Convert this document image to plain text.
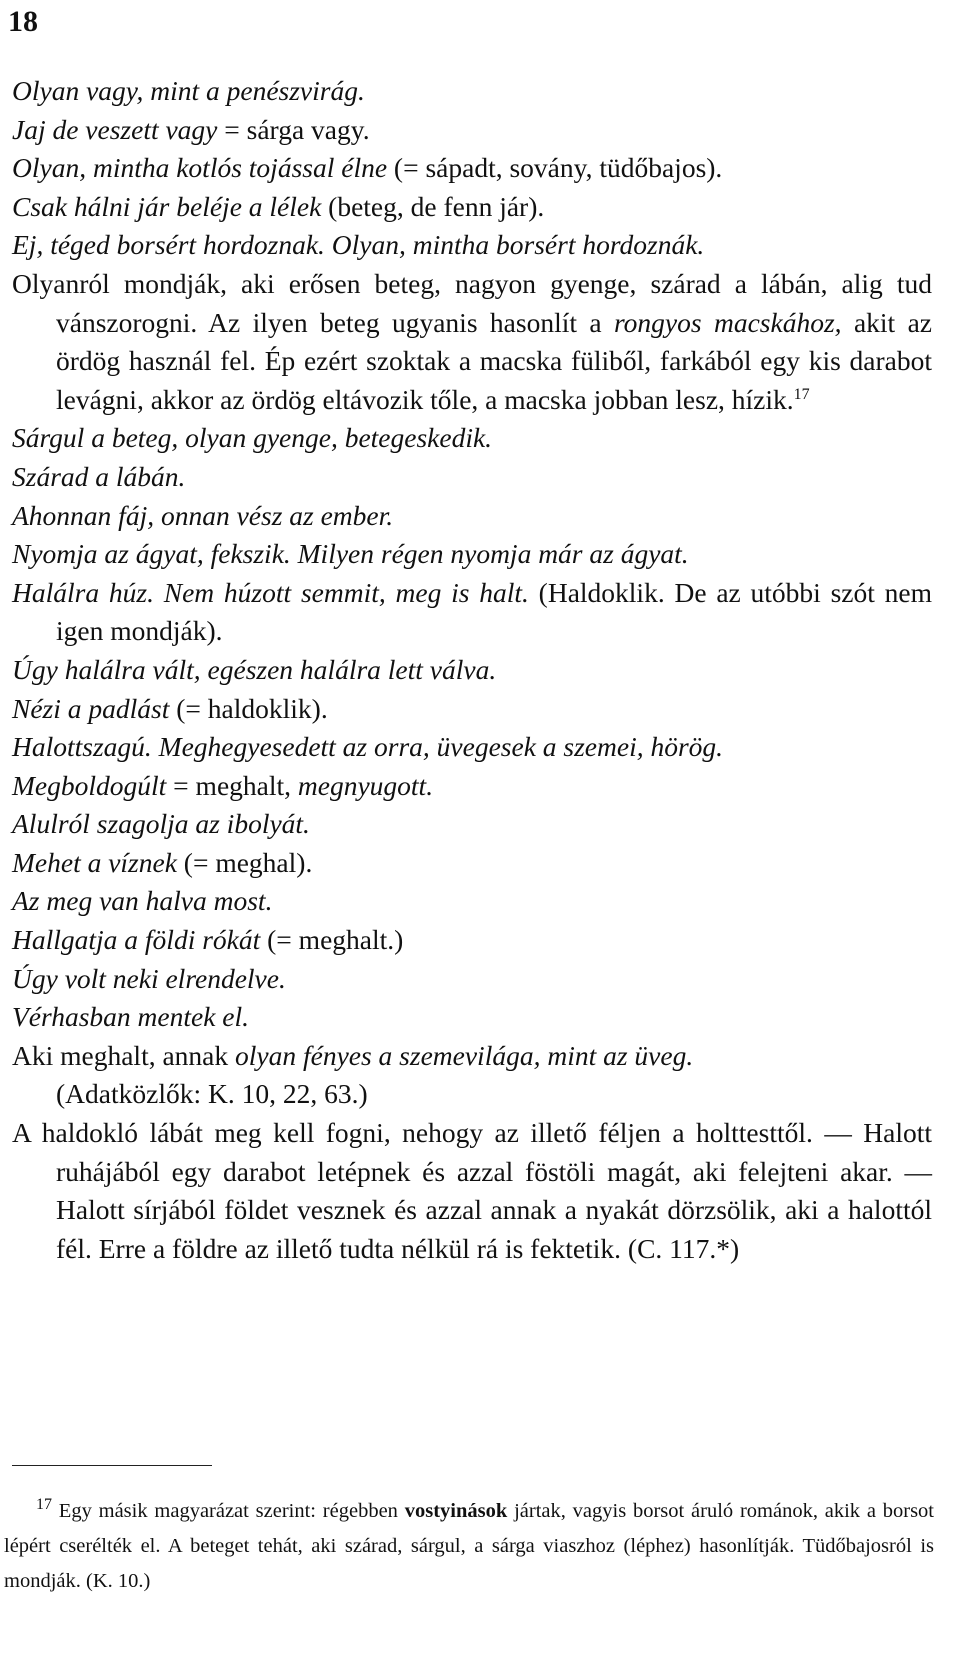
18

Olyan vagy, mint a penészvirág.

Jaj de veszett vagy = sárga vagy.

Olyan, mintha kotlós tojással élne (= sápadt, sovány, tüdőbajos).

Csak hálni jár beléje a lélek (beteg, de fenn jár).

Ej, téged borsért hordoznak. Olyan, mintha borsért hordoznák.

Olyanról mondják, aki erősen beteg, nagyon gyenge, szárad a lábán, alig tud vánszorogni. Az ilyen beteg ugyanis hasonlít a rongyos macskához, akit az ördög használ fel. Ép ezért szoktak a macska füliből, farkából egy kis darabot levágni, akkor az ördög eltávozik tőle, a macska jobban lesz, hízik.$^{17}$

Sárgul a beteg, olyan gyenge, betegeskedik.

Szárad a lábán.

Ahonnan fáj, onnan vész az ember.

Nyomja az ágyat, fekszik. Milyen régen nyomja már az ágyat.

Halálra húz. Nem húzott semmit, meg is halt. (Haldoklik. De az utóbbi szót nem igen mondják).

Úgy halálra vált, egészen halálra lett válva.

Nézi a padlást (= haldoklik).

Halottszagú. Meghegyesedett az orra, üvegesek a szemei, hörög.

Megboldogúlt = meghalt, megnyugott.

Alulról szagolja az ibolyát.

Mehet a víznek (= meghal).

Az meg van halva most.

Hallgatja a földi rókát (= meghalt.)

Úgy volt neki elrendelve.

Vérhasban mentek el.

Aki meghalt, annak olyan fényes a szemevilága, mint az üveg.

(Adatközlők: K. 10, 22, 63.)

A haldokló lábát meg kell fogni, nehogy az illető féljen a holttesttől. — Halott ruhájából egy darabot letépnek és azzal föstöli magát, aki felejteni akar. — Halott sírjából földet vesznek és azzal annak a nyakát dörzsölik, aki a halottól fél. Erre a földre az illető tudta nélkül rá is fektetik. (C. 117.*)

$^{17}$ Egy másik magyarázat szerint: régebben vostyinások jártak, vagyis borsot áruló románok, akik a borsot lépért cserélték el. A beteget tehát, aki szárad, sárgul, a sárga viaszhoz (léphez) hasonlítják. Tüdőbajosról is mondják. (K. 10.)
